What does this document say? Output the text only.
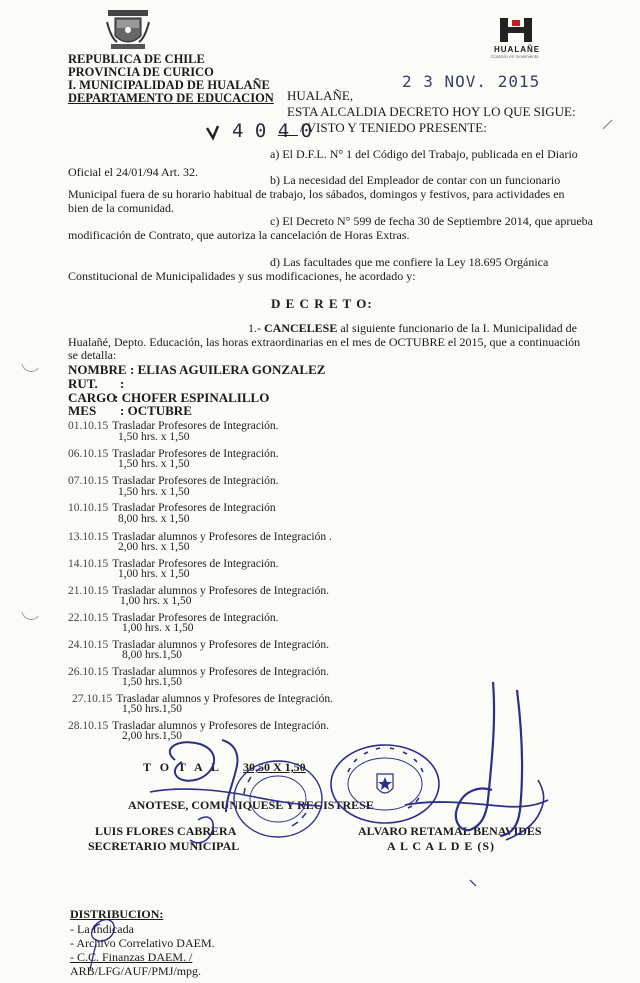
REPUBLICA DE CHILE
PROVINCIA DE CURICO
I. MUNICIPALIDAD DE HUALAÑE
DEPARTAMENTO DE EDUCACION
HUALAÑE
Corazón en movimiento
2 3 NOV. 2015
HUALAÑE,
ESTA ALCALDIA DECRETO HOY LO QUE SIGUE:
4 0 4 0
/ VISTO Y TENIEDO PRESENTE:
a) El D.F.L. N° 1 del Código del Trabajo, publicada en el Diario
Oficial el 24/01/94 Art. 32.
b) La necesidad del Empleador de contar con un funcionario
Municipal fuera de su horario habitual de trabajo, los sábados, domingos y festivos, para actividades en
bien de la comunidad.
c) El Decreto N° 599 de fecha 30 de Septiembre 2014, que aprueba
modificación de Contrato, que autoriza la cancelación de Horas Extras.
d) Las facultades que me confiere la Ley 18.695 Orgánica
Constitucional de Municipalidades y sus modificaciones, he acordado y:
D E C R E T O:
1.- CANCELESE al siguiente funcionario de la I. Municipalidad de
Hualañé, Depto. Educación, las horas extraordinarias en el mes de OCTUBRE el 2015, que a continuación
se detalla:
NOMBRE : ELIAS AGUILERA GONZALEZ
RUT. :
CARGO
: CHOFER ESPINALILLO
MES : OCTUBRE
01.10.15 Trasladar Profesores de Integración.
1,50 hrs. x 1,50
06.10.15 Trasladar Profesores de Integración.
1,50 hrs. x 1,50
07.10.15 Trasladar Profesores de Integración.
1,50 hrs. x 1,50
10.10.15 Trasladar Profesores de Integración
8,00 hrs. x 1,50
13.10.15 Trasladar alumnos y Profesores de Integración .
2,00 hrs. x 1,50
14.10.15 Trasladar Profesores de Integración.
1,00 hrs. x 1,50
21.10.15 Trasladar alumnos y Profesores de Integración.
1,00 hrs. x 1,50
22.10.15 Trasladar Profesores de Integración.
1,00 hrs. x 1,50
24.10.15 Trasladar alumnos y Profesores de Integración.
8,00 hrs.1,50
26.10.15 Trasladar alumnos y Profesores de Integración.
1,50 hrs.1,50
27.10.15 Trasladar alumnos y Profesores de Integración.
1,50 hrs.1,50
28.10.15 Trasladar alumnos y Profesores de Integración.
2,00 hrs.1,50
T O T A L 30,50 X 1,50
ANOTESE, COMUNIQUESE Y REGISTRESE
LUIS FLORES CABRERA
SECRETARIO MUNICIPAL
ALVARO RETAMAL BENAVIDES
A L C A L D E (S)
DISTRIBUCION:
- La Indicada
- Archivo Correlativo DAEM.
- C.C. Finanzas DAEM. /
ARB/LFG/AUF/PMJ/mpg.
